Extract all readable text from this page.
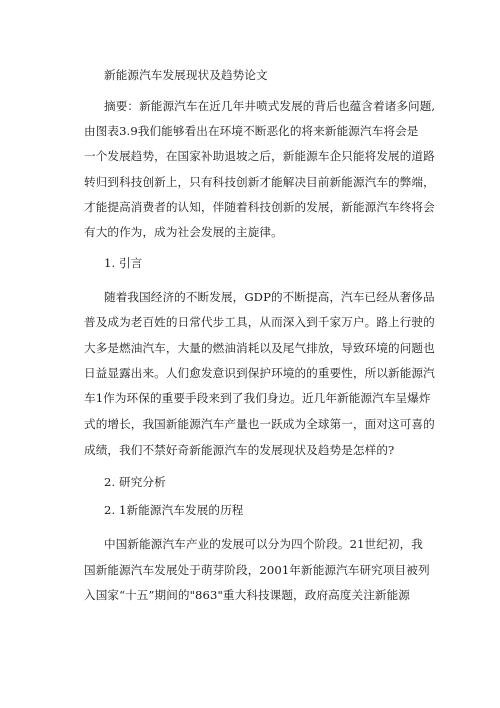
新能源汽车发展现状及趋势论文
摘要：新能源汽车在近几年井喷式发展的背后也蕴含着诸多问题,
由图表3.9我们能够看出在环境不断恶化的将来新能源汽车将会是
一个发展趋势，在国家补助退坡之后，新能源车企只能将发展的道路
转归到科技创新上，只有科技创新才能解决目前新能源汽车的弊端，
才能提高消费者的认知，伴随着科技创新的发展，新能源汽车终将会
有大的作为，成为社会发展的主旋律。
1. 引言
随着我国经济的不断发展，GDP的不断提高，汽车已经从奢侈品
普及成为老百姓的日常代步工具，从而深入到千家万户。路上行驶的
大多是燃油汽车，大量的燃油消耗以及尾气排放，导致环境的问题也
日益显露出来。人们愈发意识到保护环境的的重要性，所以新能源汽
车1作为环保的重要手段来到了我们身边。近几年新能源汽车呈爆炸
式的增长，我国新能源汽车产量也一跃成为全球第一，面对这可喜的
成绩，我们不禁好奇新能源汽车的发展现状及趋势是怎样的?
2. 研究分析
2. 1新能源汽车发展的历程
中国新能源汽车产业的发展可以分为四个阶段。21世纪初，我
国新能源汽车发展处于萌芽阶段，2001年新能源汽车研究项目被列
入国家“十五”期间的"863"重大科技课题，政府高度关注新能源
